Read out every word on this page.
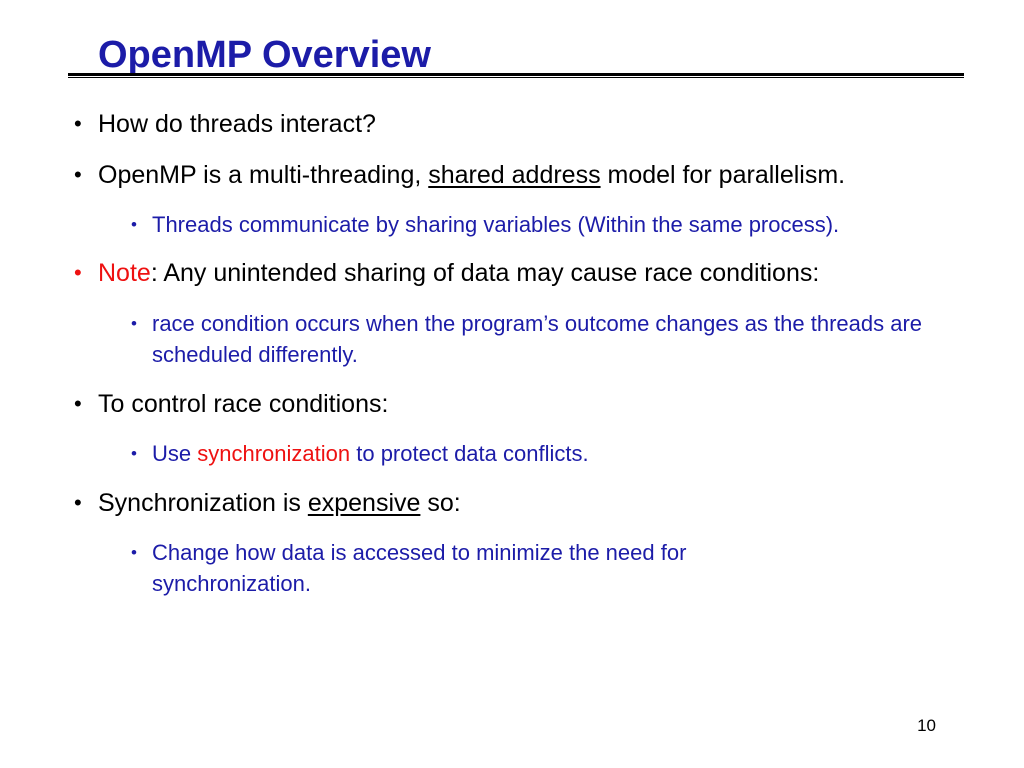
OpenMP Overview
• How do threads interact?
• OpenMP is a multi-threading, shared address model for parallelism.
• Threads communicate by sharing variables (Within the same process).
• Note: Any unintended sharing of data may cause race conditions:
• race condition occurs when the program’s outcome changes as the threads are scheduled differently.
• To control race conditions:
• Use synchronization to protect data conflicts.
• Synchronization is expensive so:
• Change how data is accessed to minimize the need for synchronization.
10
